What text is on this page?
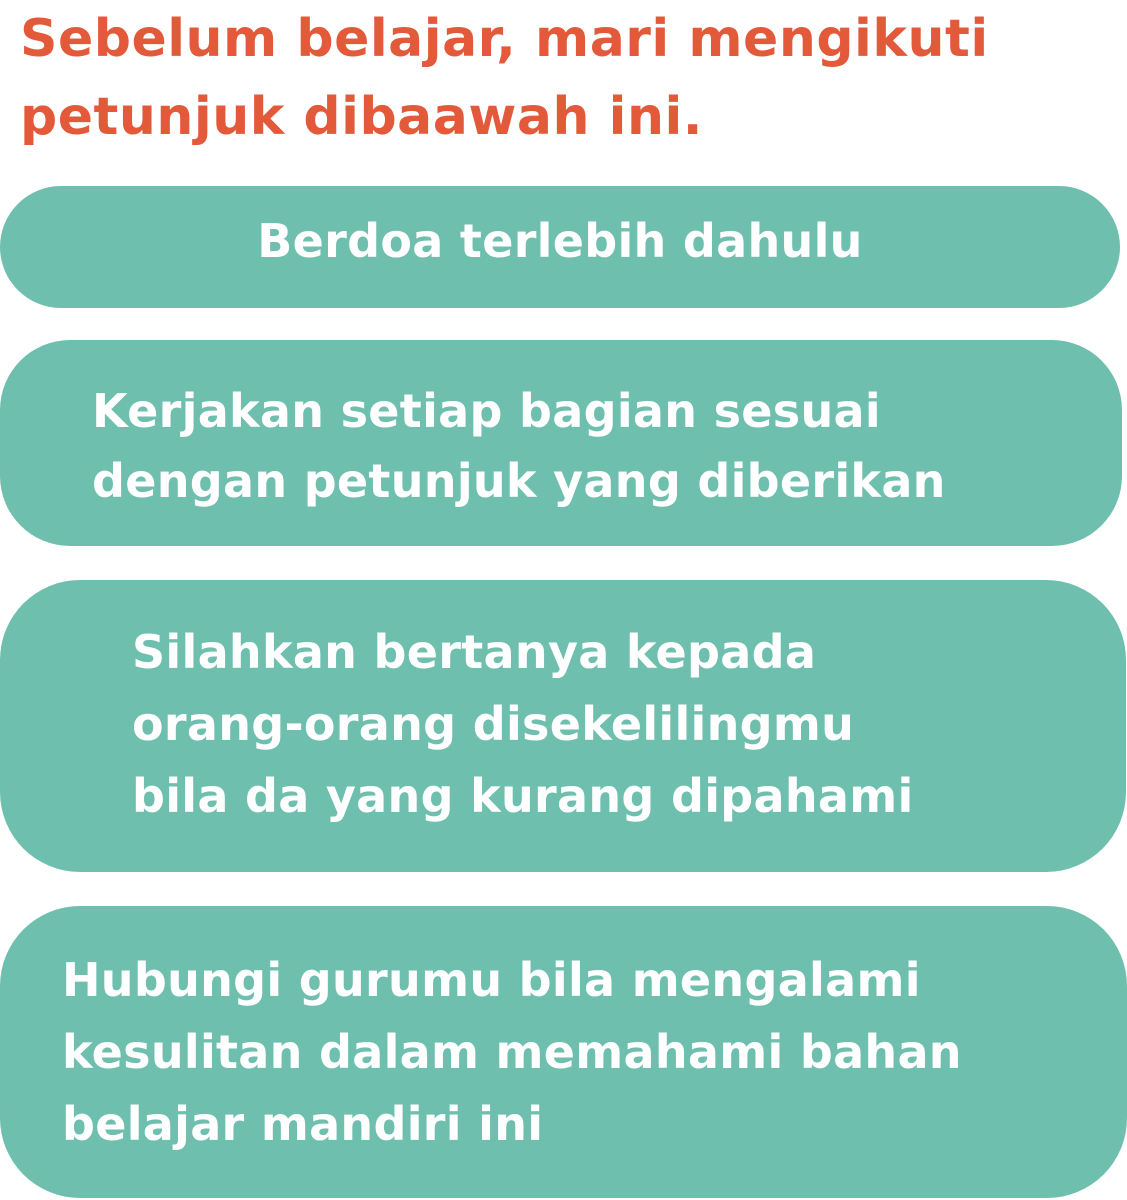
Sebelum belajar, mari mengikuti
petunjuk dibaawah ini.
Berdoa terlebih dahulu
Kerjakan setiap bagian sesuai
dengan petunjuk yang diberikan
Silahkan bertanya kepada
orang-orang disekelilingmu
bila da yang kurang dipahami
Hubungi gurumu bila mengalami
kesulitan dalam memahami bahan
belajar mandiri ini
